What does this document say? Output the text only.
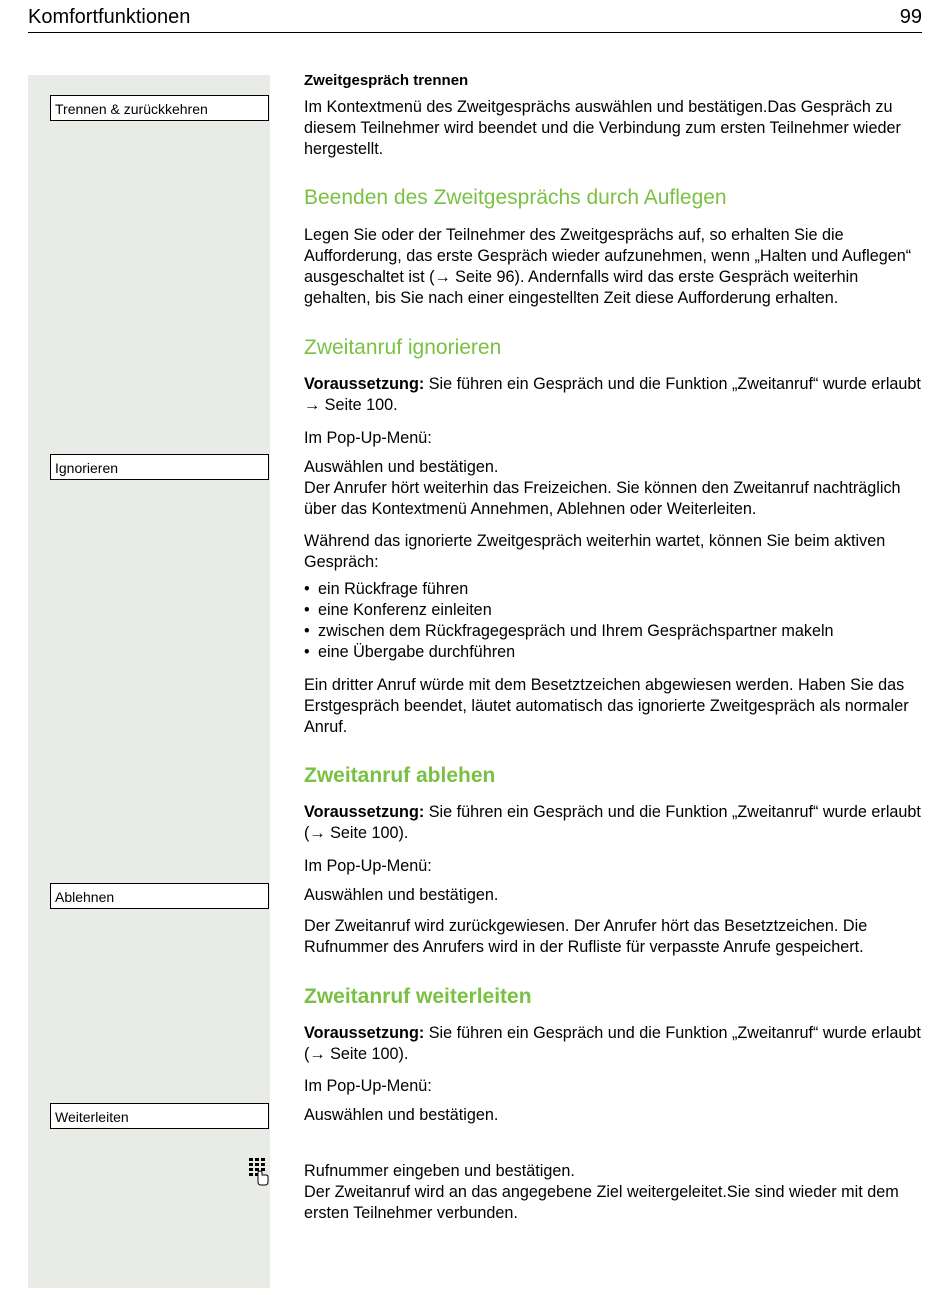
Komfortfunktionen	99
Trennen & zurückkehren
Ignorieren
Ablehnen
Weiterleiten
Zweitgespräch trennen
Im Kontextmenü des Zweitgesprächs auswählen und bestätigen.Das Gespräch zu diesem Teilnehmer wird beendet und die Verbindung zum ersten Teilnehmer wieder hergestellt.
Beenden des Zweitgesprächs durch Auflegen
Legen Sie oder der Teilnehmer des Zweitgesprächs auf, so erhalten Sie die Aufforderung, das erste Gespräch wieder aufzunehmen, wenn „Halten und Auflegen“ ausgeschaltet ist (→ Seite 96). Andernfalls wird das erste Gespräch weiterhin gehalten, bis Sie nach einer eingestellten Zeit diese Aufforderung erhalten.
Zweitanruf ignorieren
Voraussetzung: Sie führen ein Gespräch und die Funktion „Zweitanruf“ wurde erlaubt → Seite 100.
Im Pop-Up-Menü:
Auswählen und bestätigen.
Der Anrufer hört weiterhin das Freizeichen. Sie können den Zweitanruf nachträglich über das Kontextmenü Annehmen, Ablehnen oder Weiterleiten.
Während das ignorierte Zweitgespräch weiterhin wartet, können Sie beim aktiven Gespräch:
• ein Rückfrage führen
• eine Konferenz einleiten
• zwischen dem Rückfragegespräch und Ihrem Gesprächspartner makeln
• eine Übergabe durchführen
Ein dritter Anruf würde mit dem Besetztzeichen abgewiesen werden. Haben Sie das Erstgespräch beendet, läutet automatisch das ignorierte Zweitgespräch als normaler Anruf.
Zweitanruf ablehen
Voraussetzung: Sie führen ein Gespräch und die Funktion „Zweitanruf“ wurde erlaubt (→ Seite 100).
Im Pop-Up-Menü:
Auswählen und bestätigen.
Der Zweitanruf wird zurückgewiesen. Der Anrufer hört das Besetztzeichen. Die Rufnummer des Anrufers wird in der Rufliste für verpasste Anrufe gespeichert.
Zweitanruf weiterleiten
Voraussetzung: Sie führen ein Gespräch und die Funktion „Zweitanruf“ wurde erlaubt (→ Seite 100).
Im Pop-Up-Menü:
Auswählen und bestätigen.
Rufnummer eingeben und bestätigen.
Der Zweitanruf wird an das angegebene Ziel weitergeleitet.Sie sind wieder mit dem ersten Teilnehmer verbunden.
